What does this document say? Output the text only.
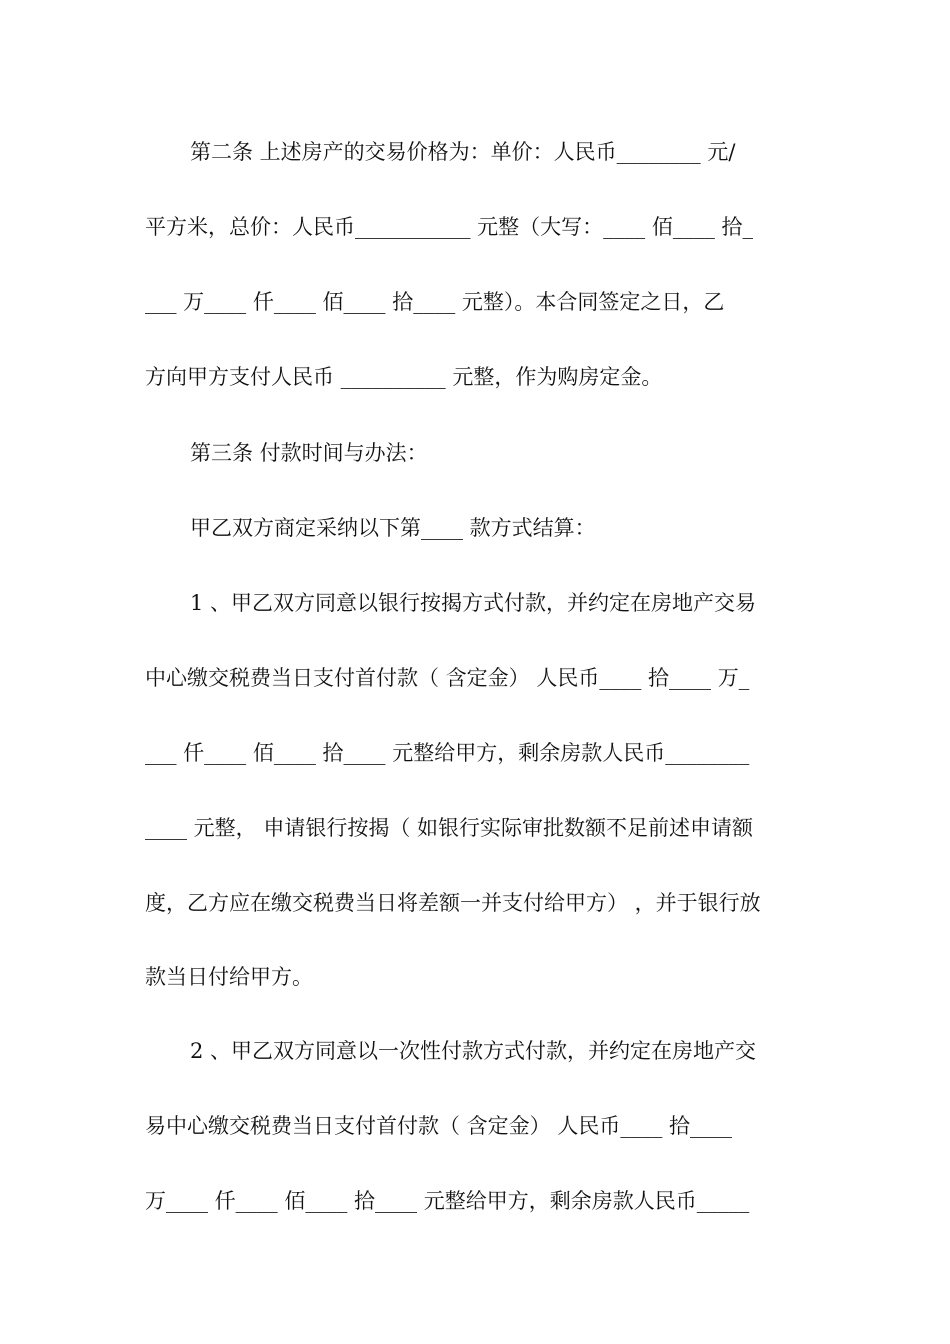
第二条 上述房产的交易价格为：单价：人民币________ 元/

平方米，总价：人民币___________ 元整（大写：____ 佰____ 拾_

___ 万____ 仟____ 佰____ 拾____ 元整）。本合同签定之日，乙

方向甲方支付人民币 __________ 元整，作为购房定金。

第三条 付款时间与办法：

甲乙双方商定采纳以下第____ 款方式结算：

1 、甲乙双方同意以银行按揭方式付款，并约定在房地产交易

中心缴交税费当日支付首付款（ 含定金） 人民币____ 拾____ 万_

___ 仟____ 佰____ 拾____ 元整给甲方，剩余房款人民币________

____ 元整， 申请银行按揭（ 如银行实际审批数额不足前述申请额

度，乙方应在缴交税费当日将差额一并支付给甲方） ，并于银行放

款当日付给甲方。

2 、甲乙双方同意以一次性付款方式付款，并约定在房地产交

易中心缴交税费当日支付首付款（ 含定金） 人民币____ 拾____

万____ 仟____ 佰____ 拾____ 元整给甲方，剩余房款人民币_____
